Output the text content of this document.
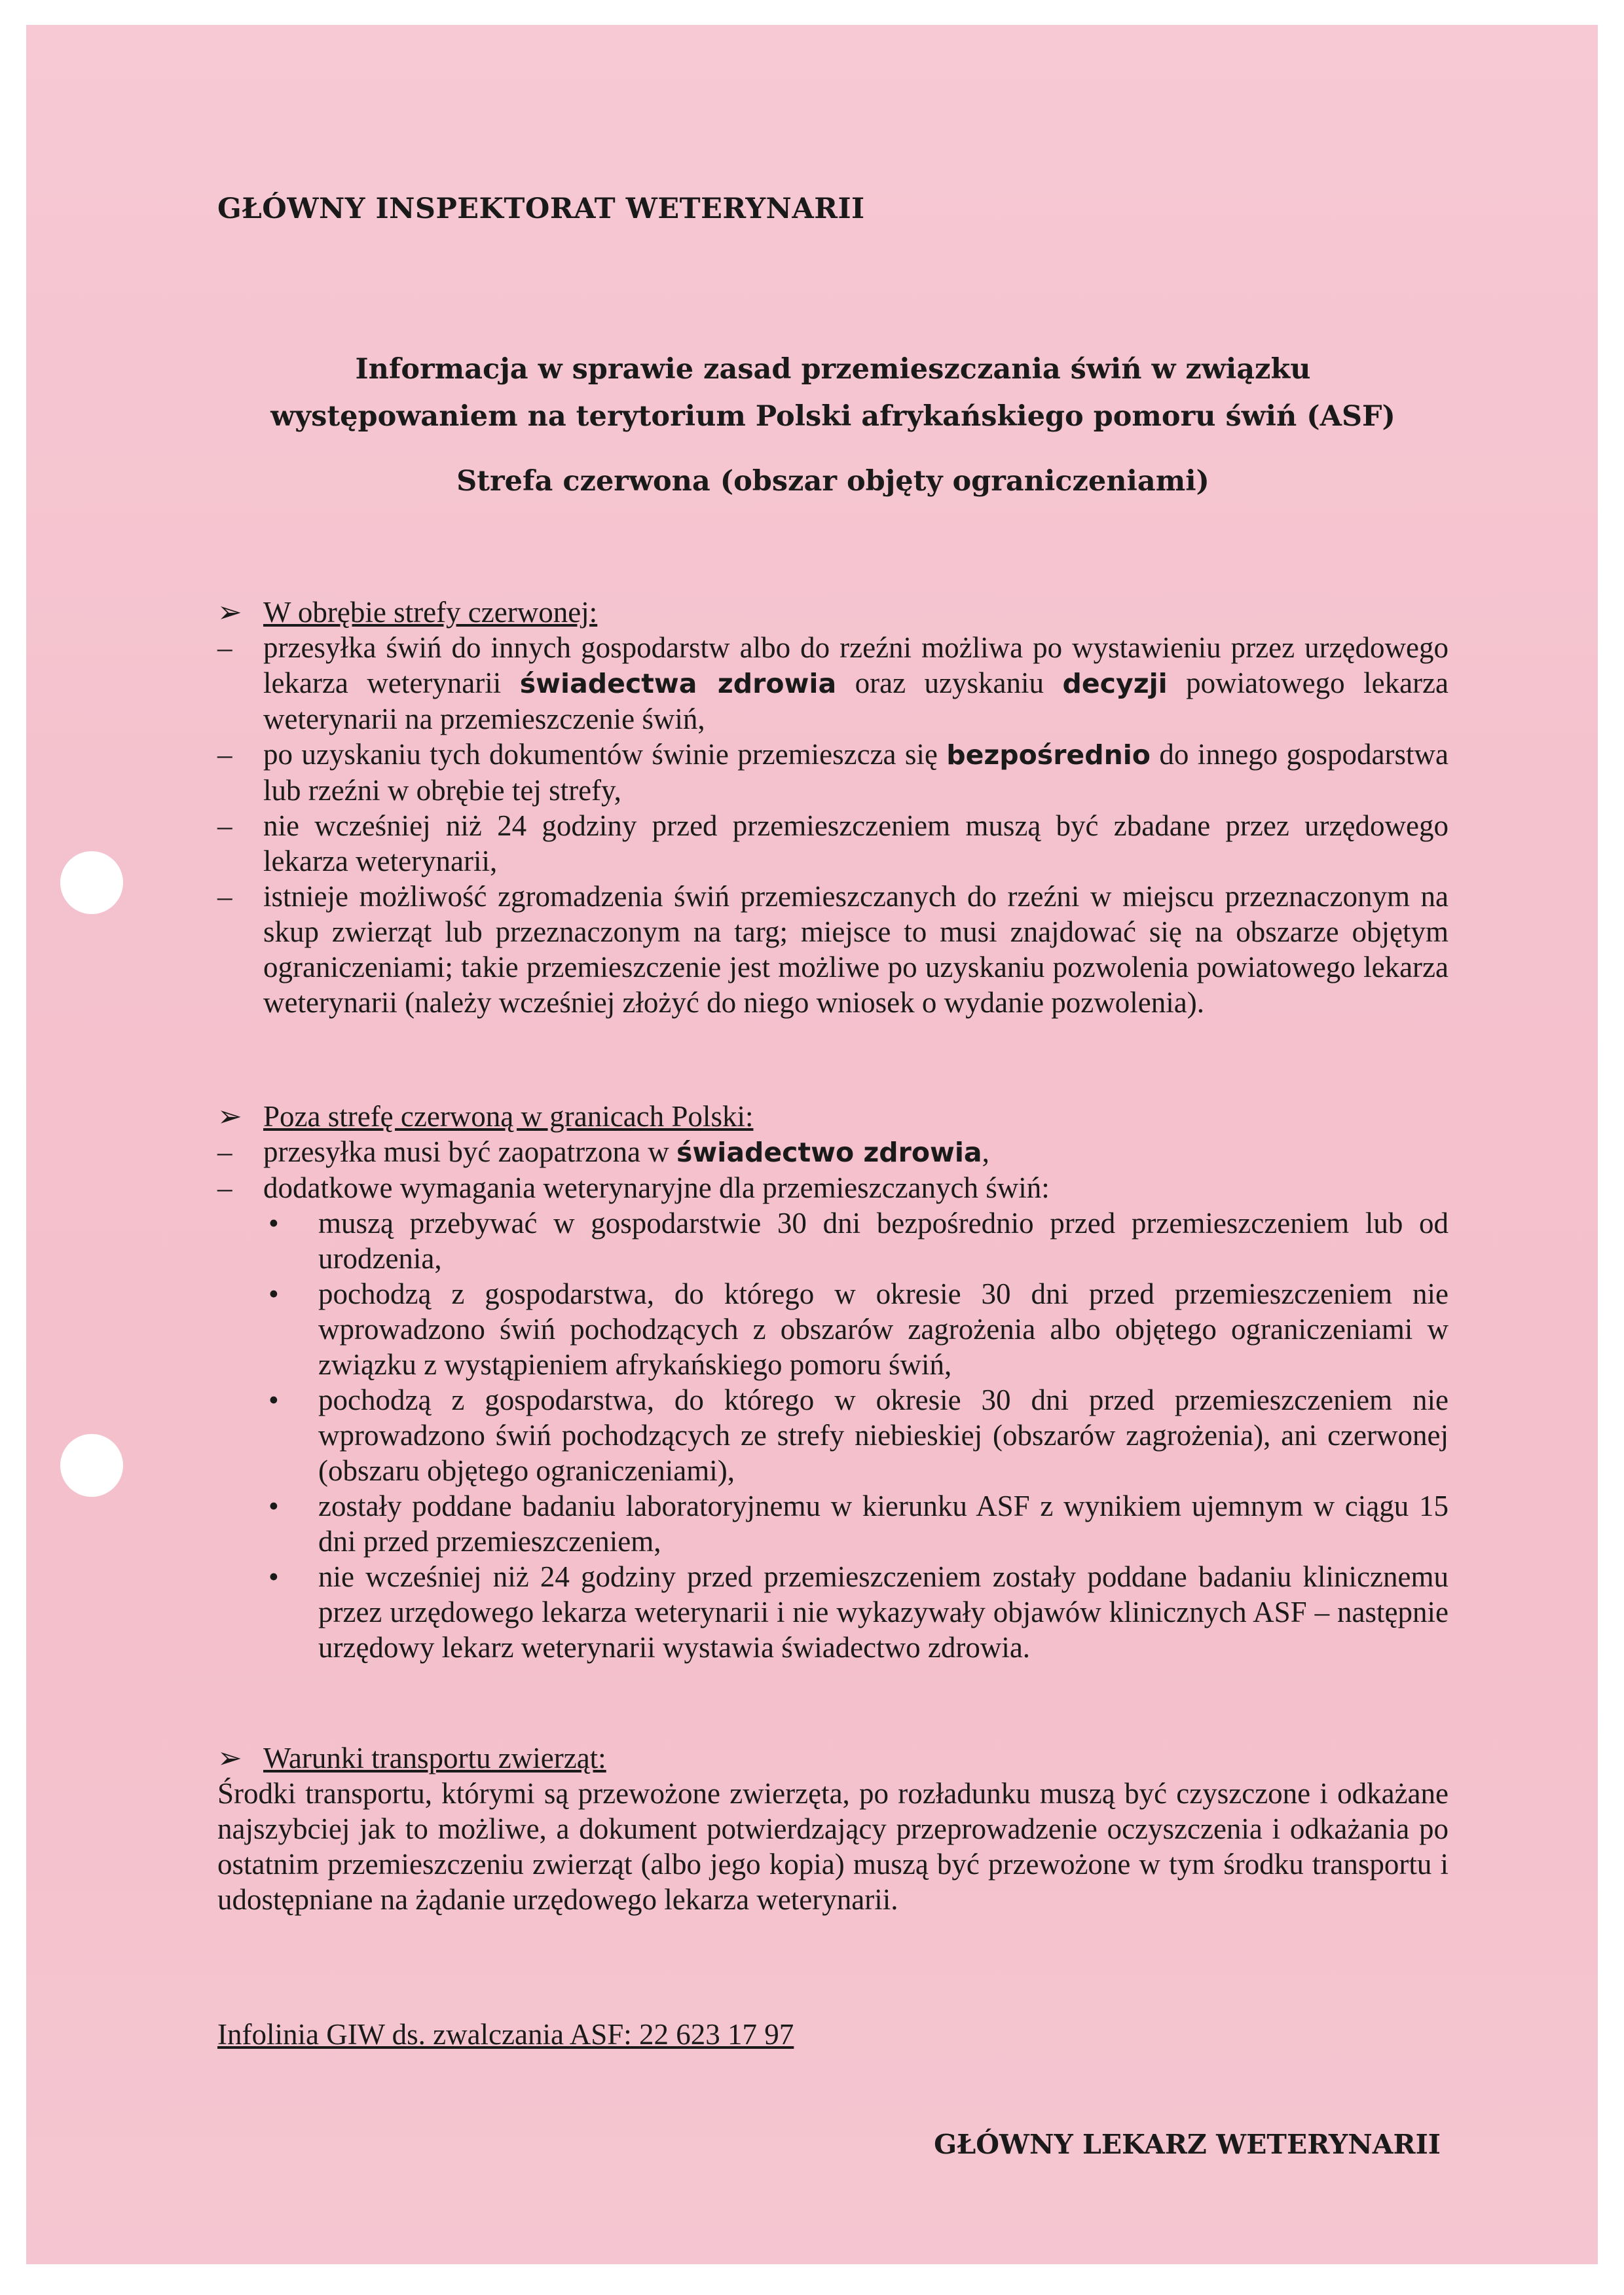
GŁÓWNY INSPEKTORAT WETERYNARII
Informacja w sprawie zasad przemieszczania świń w związku
występowaniem na terytorium Polski afrykańskiego pomoru świń (ASF)
Strefa czerwona (obszar objęty ograniczeniami)
➢ W obrębie strefy czerwonej:
– przesyłka świń do innych gospodarstw albo do rzeźni możliwa po wystawieniu przez urzędowego lekarza weterynarii świadectwa zdrowia oraz uzyskaniu decyzji powiatowego lekarza weterynarii na przemieszczenie świń,
– po uzyskaniu tych dokumentów świnie przemieszcza się bezpośrednio do innego gospodarstwa lub rzeźni w obrębie tej strefy,
– nie wcześniej niż 24 godziny przed przemieszczeniem muszą być zbadane przez urzędowego lekarza weterynarii,
– istnieje możliwość zgromadzenia świń przemieszczanych do rzeźni w miejscu przeznaczonym na skup zwierząt lub przeznaczonym na targ; miejsce to musi znajdować się na obszarze objętym ograniczeniami; takie przemieszczenie jest możliwe po uzyskaniu pozwolenia powiatowego lekarza weterynarii (należy wcześniej złożyć do niego wniosek o wydanie pozwolenia).
➢ Poza strefę czerwoną w granicach Polski:
– przesyłka musi być zaopatrzona w świadectwo zdrowia,
– dodatkowe wymagania weterynaryjne dla przemieszczanych świń:
• muszą przebywać w gospodarstwie 30 dni bezpośrednio przed przemieszczeniem lub od urodzenia,
• pochodzą z gospodarstwa, do którego w okresie 30 dni przed przemieszczeniem nie wprowadzono świń pochodzących z obszarów zagrożenia albo objętego ograniczeniami w związku z wystąpieniem afrykańskiego pomoru świń,
• pochodzą z gospodarstwa, do którego w okresie 30 dni przed przemieszczeniem nie wprowadzono świń pochodzących ze strefy niebieskiej (obszarów zagrożenia), ani czerwonej (obszaru objętego ograniczeniami),
• zostały poddane badaniu laboratoryjnemu w kierunku ASF z wynikiem ujemnym w ciągu 15 dni przed przemieszczeniem,
• nie wcześniej niż 24 godziny przed przemieszczeniem zostały poddane badaniu klinicznemu przez urzędowego lekarza weterynarii i nie wykazywały objawów klinicznych ASF – następnie urzędowy lekarz weterynarii wystawia świadectwo zdrowia.
➢ Warunki transportu zwierząt:
Środki transportu, którymi są przewożone zwierzęta, po rozładunku muszą być czyszczone i odkażane najszybciej jak to możliwe, a dokument potwierdzający przeprowadzenie oczyszczenia i odkażania po ostatnim przemieszczeniu zwierząt (albo jego kopia) muszą być przewożone w tym środku transportu i udostępniane na żądanie urzędowego lekarza weterynarii.
Infolinia GIW ds. zwalczania ASF: 22 623 17 97
GŁÓWNY LEKARZ WETERYNARII
